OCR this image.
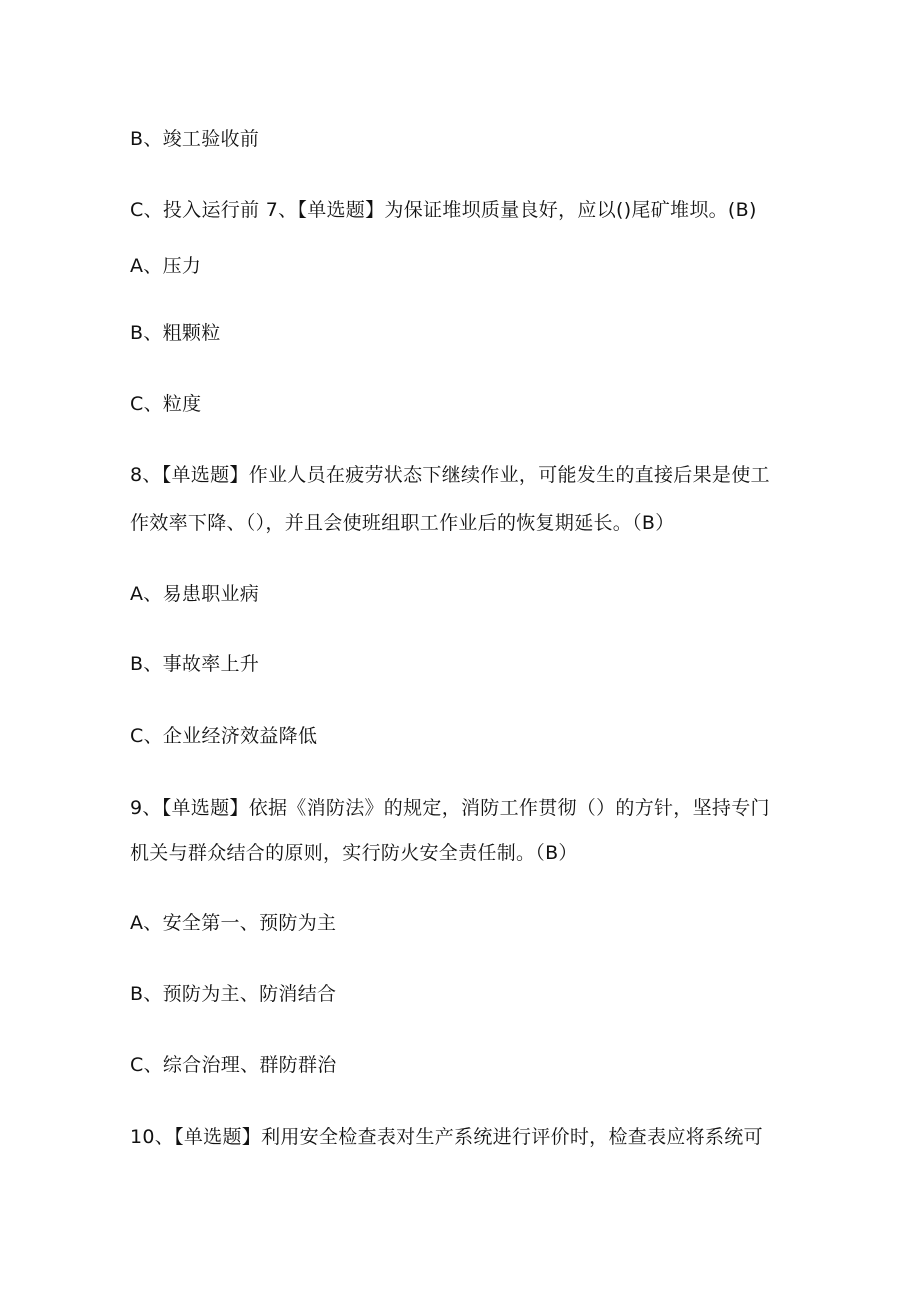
B、竣工验收前
C、投入运行前 7、【单选题】为保证堆坝质量良好，应以()尾矿堆坝。(B)
A、压力
B、粗颗粒
C、粒度
8、【单选题】作业人员在疲劳状态下继续作业，可能发生的直接后果是使工
作效率下降、（），并且会使班组职工作业后的恢复期延长。（B）
A、易患职业病
B、事故率上升
C、企业经济效益降低
9、【单选题】依据《消防法》的规定，消防工作贯彻（）的方针，坚持专门
机关与群众结合的原则，实行防火安全责任制。（B）
A、安全第一、预防为主
B、预防为主、防消结合
C、综合治理、群防群治
10、【单选题】利用安全检查表对生产系统进行评价时，检查表应将系统可
